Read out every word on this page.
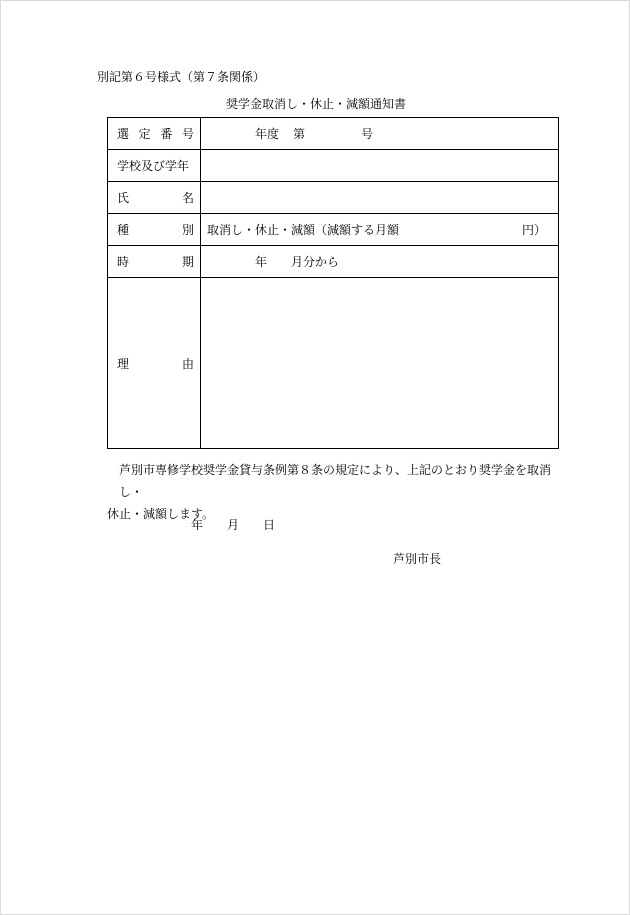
別記第６号様式（第７条関係）
奨学金取消し・休止・減額通知書
選 定 番 号	年度 第 号
学校及び学年	

氏 名	

種 別	取消し・休止・減額（減額する月額 円）

時 期	年 月分から

理 由	

芦別市専修学校奨学金貸与条例第８条の規定により、上記のとおり奨学金を取消し・
休止・減額します。
年 月 日
芦別市長
